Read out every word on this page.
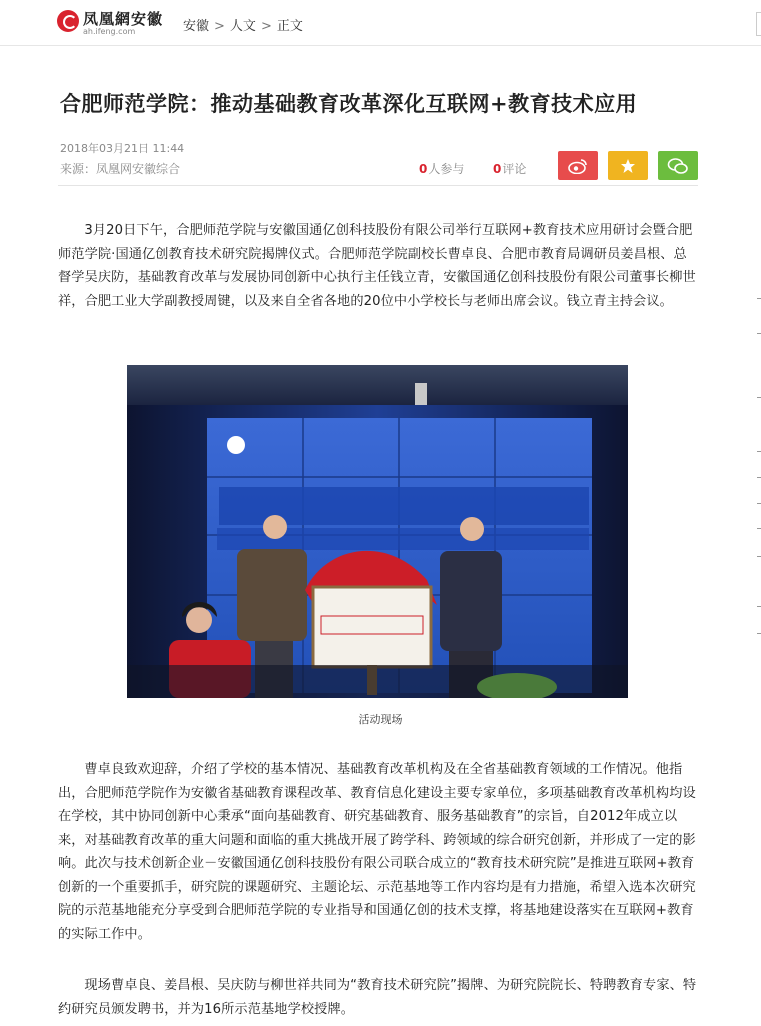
凤凰網安徽
ah.ifeng.com	安徽 > 人文 > 正文
合肥师范学院：推动基础教育改革深化互联网+教育技术应用
2018年03月21日 11:44
来源：凤凰网安徽综合	0人参与 0评论
3月20日下午，合肥师范学院与安徽国通亿创科技股份有限公司举行互联网+教育技术应用研讨会暨合肥师范学院·国通亿创教育技术研究院揭牌仪式。合肥师范学院副校长曹卓良、合肥市教育局调研员姜昌根、总督学吴庆防，基础教育改革与发展协同创新中心执行主任钱立青，安徽国通亿创科技股份有限公司董事长柳世祥，合肥工业大学副教授周键，以及来自全省各地的20位中小学校长与老师出席会议。钱立青主持会议。
活动现场
曹卓良致欢迎辞，介绍了学校的基本情况、基础教育改革机构及在全省基础教育领域的工作情况。他指出，合肥师范学院作为安徽省基础教育课程改革、教育信息化建设主要专家单位，多项基础教育改革机构均设在学校，其中协同创新中心秉承“面向基础教育、研究基础教育、服务基础教育”的宗旨，自2012年成立以来，对基础教育改革的重大问题和面临的重大挑战开展了跨学科、跨领域的综合研究创新，并形成了一定的影响。此次与技术创新企业－安徽国通亿创科技股份有限公司联合成立的“教育技术研究院”是推进互联网+教育创新的一个重要抓手，研究院的课题研究、主题论坛、示范基地等工作内容均是有力措施，希望入选本次研究院的示范基地能充分享受到合肥师范学院的专业指导和国通亿创的技术支撑，将基地建设落实在互联网+教育的实际工作中。
现场曹卓良、姜昌根、吴庆防与柳世祥共同为“教育技术研究院”揭牌、为研究院院长、特聘教育专家、特约研究员颁发聘书，并为16所示范基地学校授牌。
